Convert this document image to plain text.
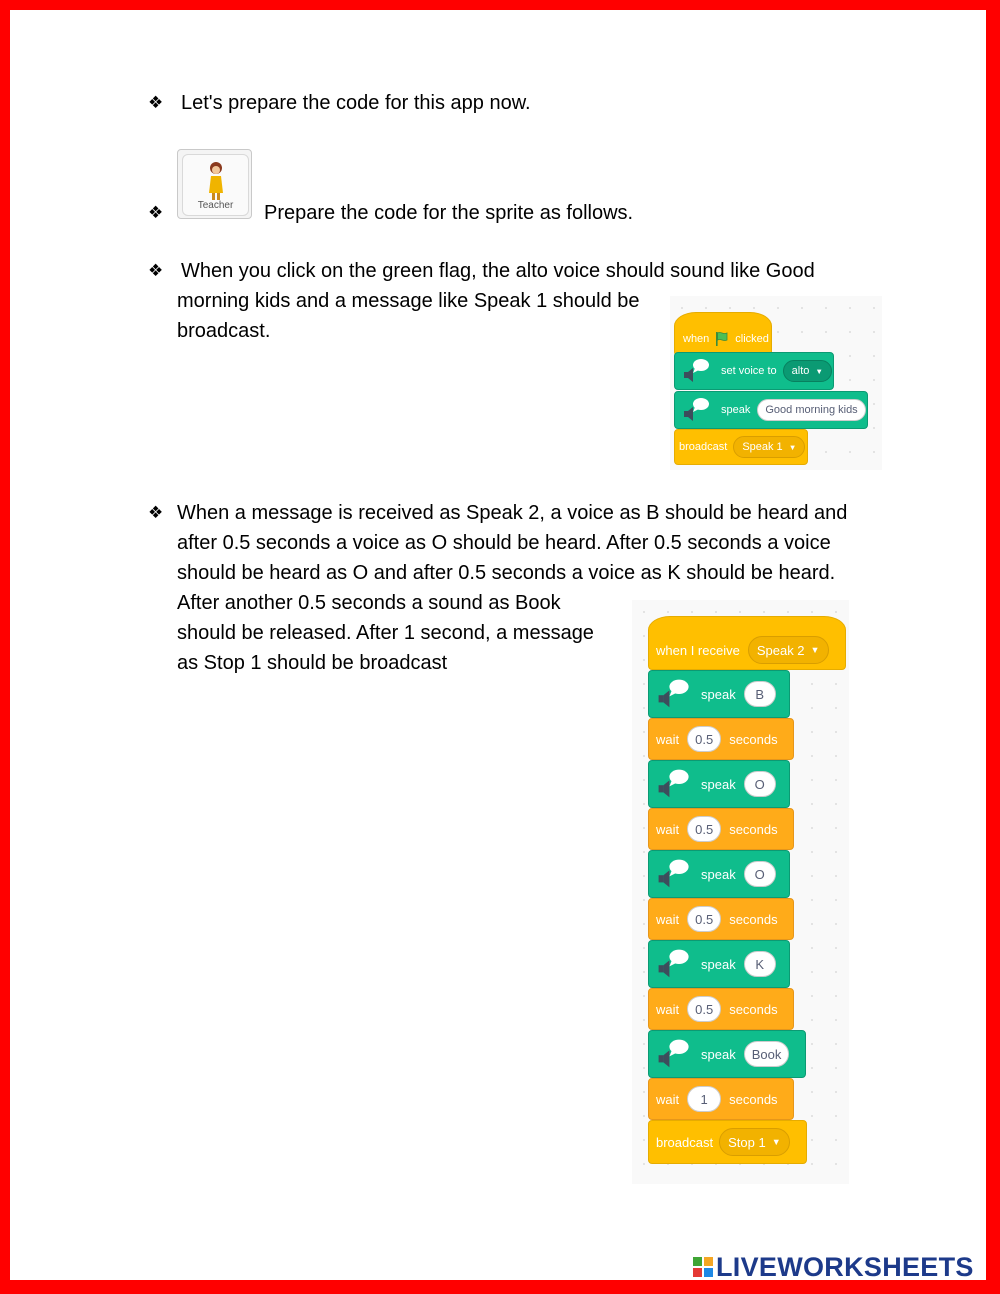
❖ Let's prepare the code for this app now.
❖	Teacher	Prepare the code for the sprite as follows.
❖ When you click on the green flag, the alto voice should sound like Good
morning kids and a message like Speak 1 should be
broadcast.	when clicked
set voice to alto ▼
speak	Good morning kids
broadcast Speak 1 ▼
❖ When a message is received as Speak 2, a voice as B should be heard and
after 0.5 seconds a voice as O should be heard. After 0.5 seconds a voice
should be heard as O and after 0.5 seconds a voice as K should be heard.
After another 0.5 seconds a sound as Book
should be released. After 1 second, a message
as Stop 1 should be broadcast
when I receive Speak 2 ▼
speak	B
wait	0.5	seconds
speak	O
wait	0.5	seconds
speak	O
wait	0.5	seconds
speak	K
wait	0.5	seconds
speak	Book
wait	1	seconds
broadcast Stop 1 ▼
LIVEWORKSHEETS
